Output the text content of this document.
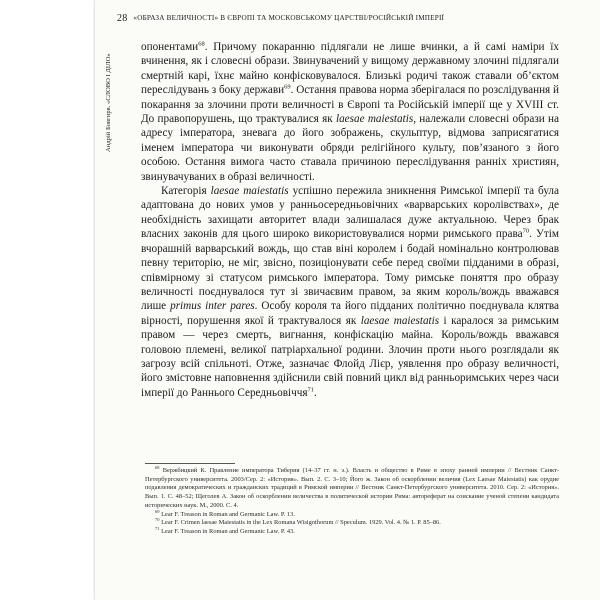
28 «ОБРАЗА ВЕЛИЧНОСТІ» В ЄВРОПІ ТА МОСКОВСЬКОМУ ЦАРСТВІ/РОСІЙСЬКІЙ ІМПЕРІЇ
Андрій Бовгиря. «СЛОВО І ДІЛО»

опонентами$^{68}$. Причому покаранню підлягали не лише вчинки, а й самі наміри їх вчинення, як і словесні образи. Звинувачений у вищому державному злочині підлягали смертній карі, їхнє майно конфісковувалося. Близькі родичі також ставали об’єктом переслідувань з боку держави$^{69}$. Остання правова норма зберігалася по розслідування й покарання за злочини проти величності в Європі та Російській імперії ще у XVIII ст. До правопорушень, що трактувалися як laesae maiestatis, належали словесні образи на адресу імператора, зневага до його зображень, скульптур, відмова заприсягатися іменем імператора чи виконувати обряди релігійного культу, пов’язаного з його особою. Остання вимога часто ставала причиною переслідування ранніх християн, звинувачуваних в образі величності.

Категорія laesae maiestatis успішно пережила зникнення Римської імперії та була адаптована до нових умов у ранньосередньовічних «варварських королівствах», де необхідність захищати авторитет влади залишалася дуже актуальною. Через брак власних законів для цього широко використовувалися норми римського права$^{70}$. Утім вчорашній варварський вождь, що став віні королем і бодай номінально контролював певну територію, не міг, звісно, позиціонувати себе перед своїми підданими в образі, співмірному зі статусом римського імператора. Тому римське поняття про образу величності поєднувалося тут зі звичаєвим правом, за яким король/вождь вважався лише primus inter pares. Особу короля та його підданих політично поєднувала клятва вірності, порушення якої й трактувалося як laesae maiestatis і каралося за римським правом — через смерть, вигнання, конфіскацію майна. Король/вождь вважався головою племені, великої патріархальної родини. Злочин проти нього розглядали як загрозу всій спільноті. Отже, зазначає Флойд Лієр, уявлення про образу величності, його змістовне наповнення здійснили свій повний цикл від ранньоримських через часи імперії до Раннього Середньовіччя$^{71}$.

$^{68}$ Вержбицкий К. Правление императора Тиберия (14–37 гг. н. э.). Власть и общество в Риме в эпоху ранней империи // Вестник Санкт-Петербургского университета. 2003/Сер. 2: «История». Вып. 2. С. 3–10; Його ж. Закон об оскорблении величия (Lex Laesae Maiestatis) как орудие подавления демократических и гражданских традиций в Римской империи // Вестник Санкт-Петербургского университета. 2010. Сер. 2: «История». Вып. 1. С. 48–52; Щеголев А. Закон об оскорблении величества в политической истории Рима: автореферат на соискание ученой степени кандидата исторических наук. М., 2000. С. 4.

$^{69}$ Lear F. Treason in Roman and Germanic Law. P. 13.

$^{70}$ Lear F. Crimen laesae Maiestatis in the Lex Romana Wisigothorum // Speculum. 1929. Vol. 4. № 1. P. 85–86.

$^{71}$ Lear F. Treason in Roman and Germanic Law. P. 43.
